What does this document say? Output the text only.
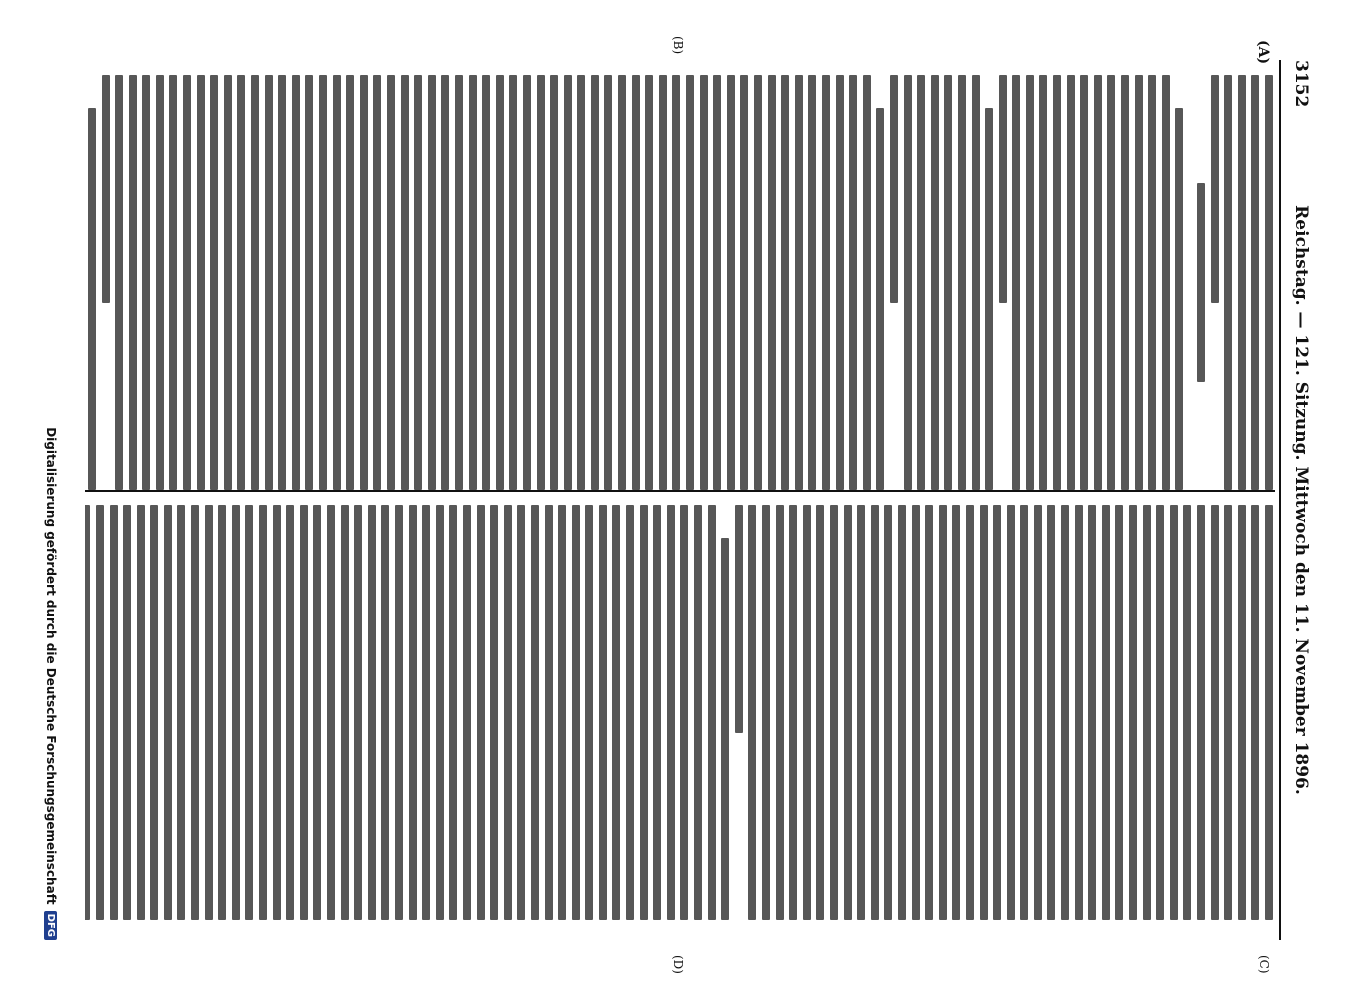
3152
Reichstag. — 121. Sitzung. Mittwoch den 11. November 1896.
(A)
(B)
(C)
(D)
Digitalisierung gefördert durch die Deutsche ForschungsgemeinschaftDFG
